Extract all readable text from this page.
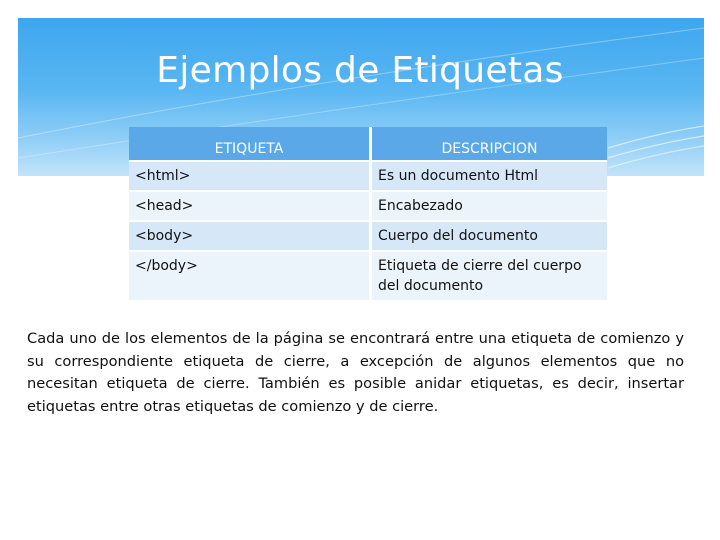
Ejemplos de Etiquetas
ETIQUETA	DESCRIPCION
<html>	Es un documento Html
<head>	Encabezado
<body>	Cuerpo del documento
</body>	Etiqueta de cierre del cuerpo del documento
Cada uno de los elementos de la página se encontrará entre una etiqueta de comienzo y su correspondiente etiqueta de cierre, a excepción de algunos elementos que no necesitan etiqueta de cierre. También es posible anidar etiquetas, es decir, insertar etiquetas entre otras etiquetas de comienzo y de cierre.
